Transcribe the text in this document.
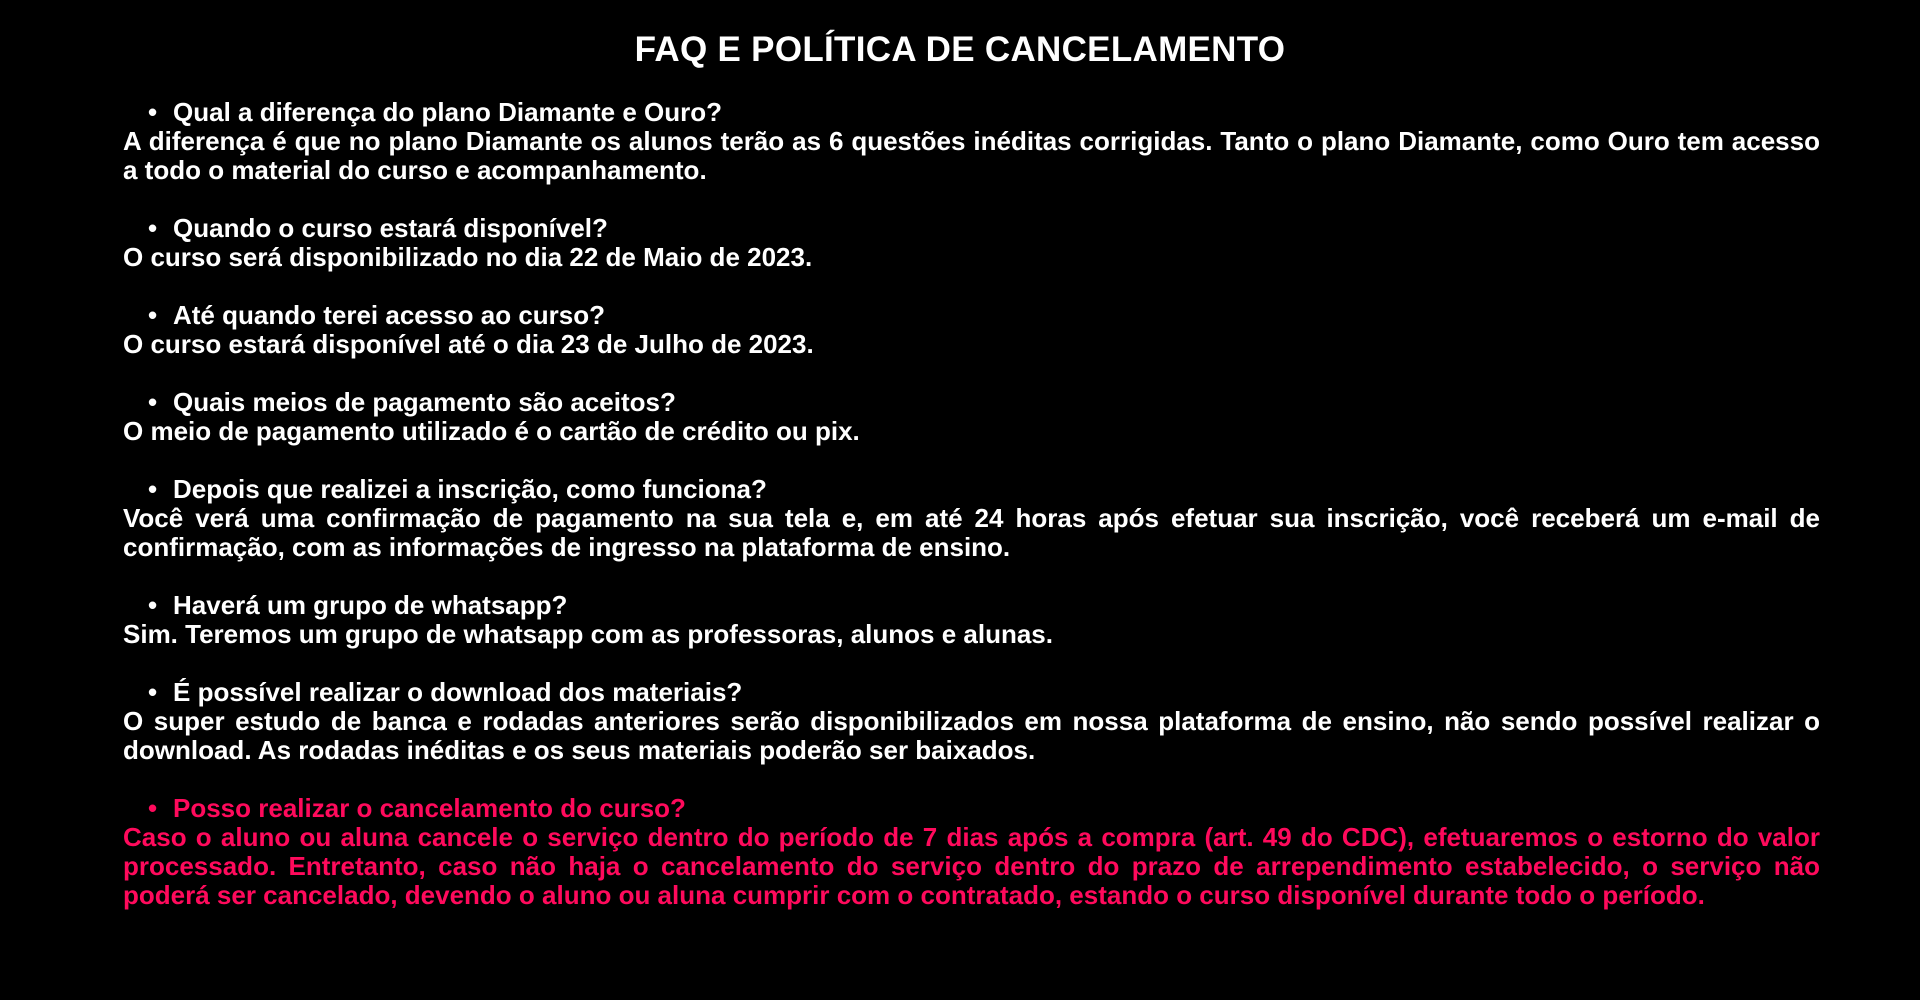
FAQ E POLÍTICA DE CANCELAMENTO
• Qual a diferença do plano Diamante e Ouro?
A diferença é que no plano Diamante os alunos terão as 6 questões inéditas corrigidas. Tanto o plano Diamante, como Ouro tem acesso a todo o material do curso e acompanhamento.
• Quando o curso estará disponível?
O curso será disponibilizado no dia 22 de Maio de 2023.
• Até quando terei acesso ao curso?
O curso estará disponível até o dia 23 de Julho de 2023.
• Quais meios de pagamento são aceitos?
O meio de pagamento utilizado é o cartão de crédito ou pix.
• Depois que realizei a inscrição, como funciona?
Você verá uma confirmação de pagamento na sua tela e, em até 24 horas após efetuar sua inscrição, você receberá um e-mail de confirmação, com as informações de ingresso na plataforma de ensino.
• Haverá um grupo de whatsapp?
Sim. Teremos um grupo de whatsapp com as professoras, alunos e alunas.
• É possível realizar o download dos materiais?
O super estudo de banca e rodadas anteriores serão disponibilizados em nossa plataforma de ensino, não sendo possível realizar o download. As rodadas inéditas e os seus materiais poderão ser baixados.
• Posso realizar o cancelamento do curso?
Caso o aluno ou aluna cancele o serviço dentro do período de 7 dias após a compra (art. 49 do CDC), efetuaremos o estorno do valor processado. Entretanto, caso não haja o cancelamento do serviço dentro do prazo de arrependimento estabelecido, o serviço não poderá ser cancelado, devendo o aluno ou aluna cumprir com o contratado, estando o curso disponível durante todo o período.
